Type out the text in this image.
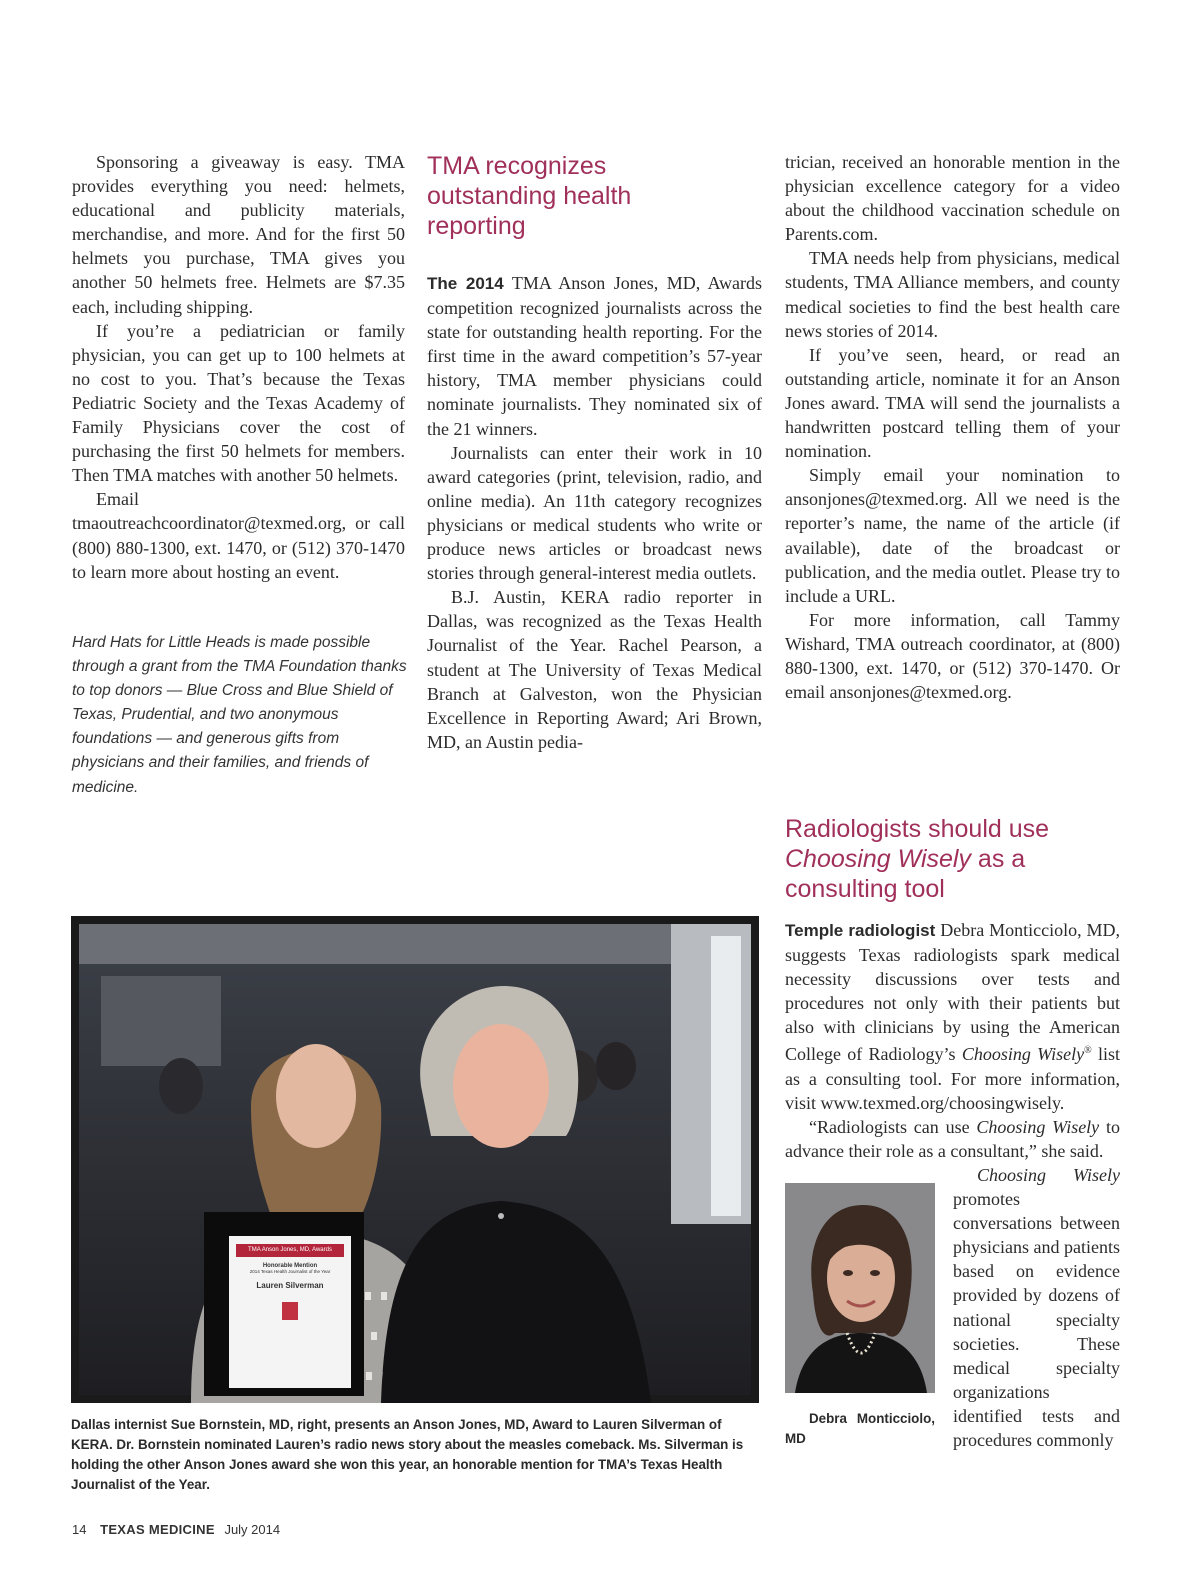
Sponsoring a giveaway is easy. TMA provides everything you need: helmets, educational and publicity materials, merchandise, and more. And for the first 50 helmets you purchase, TMA gives you another 50 helmets free. Helmets are $7.35 each, including shipping.

If you’re a pediatrician or family physician, you can get up to 100 helmets at no cost to you. That’s because the Texas Pediatric Society and the Texas Academy of Family Physicians cover the cost of purchasing the first 50 helmets for members. Then TMA matches with another 50 helmets.

Email tmaoutreachcoordinator@texmed.org, or call (800) 880-1300, ext. 1470, or (512) 370-1470 to learn more about hosting an event.

Hard Hats for Little Heads is made possible through a grant from the TMA Foundation thanks to top donors — Blue Cross and Blue Shield of Texas, Prudential, and two anonymous foundations — and generous gifts from physicians and their families, and friends of medicine.

TMA recognizes outstanding health reporting

The 2014 TMA Anson Jones, MD, Awards competition recognized journalists across the state for outstanding health reporting. For the first time in the award competition’s 57-year history, TMA member physicians could nominate journalists. They nominated six of the 21 winners.

Journalists can enter their work in 10 award categories (print, television, radio, and online media). An 11th category recognizes physicians or medical students who write or produce news articles or broadcast news stories through general-interest media outlets.

B.J. Austin, KERA radio reporter in Dallas, was recognized as the Texas Health Journalist of the Year. Rachel Pearson, a student at The University of Texas Medical Branch at Galveston, won the Physician Excellence in Reporting Award; Ari Brown, MD, an Austin pedia-

trician, received an honorable mention in the physician excellence category for a video about the childhood vaccination schedule on Parents.com.

TMA needs help from physicians, medical students, TMA Alliance members, and county medical societies to find the best health care news stories of 2014.

If you’ve seen, heard, or read an outstanding article, nominate it for an Anson Jones award. TMA will send the journalists a handwritten postcard telling them of your nomination.

Simply email your nomination to ansonjones@texmed.org. All we need is the reporter’s name, the name of the article (if available), date of the broadcast or publication, and the media outlet. Please try to include a URL.

For more information, call Tammy Wishard, TMA outreach coordinator, at (800) 880-1300, ext. 1470, or (512) 370-1470. Or email ansonjones@texmed.org.

Radiologists should use Choosing Wisely as a consulting tool

Temple radiologist Debra Monticciolo, MD, suggests Texas radiologists spark medical necessity discussions over tests and procedures not only with their patients but also with clinicians by using the American College of Radiology’s Choosing Wisely® list as a consulting tool. For more information, visit www.texmed.org/choosingwisely.

“Radiologists can use Choosing Wisely to advance their role as a consultant,” she said.

Debra Monticciolo, MD

Choosing Wisely promotes conversations between physicians and patients based on evidence provided by dozens of national specialty societies. These medical specialty organizations identified tests and procedures commonly

TMA Anson Jones, MD, Awards
Honorable Mention
2014 Texas Health Journalist of the Year
Lauren Silverman

Dallas internist Sue Bornstein, MD, right, presents an Anson Jones, MD, Award to Lauren Silverman of KERA. Dr. Bornstein nominated Lauren’s radio news story about the measles comeback. Ms. Silverman is holding the other Anson Jones award she won this year, an honorable mention for TMA’s Texas Health Journalist of the Year.

14 TEXAS MEDICINE July 2014
